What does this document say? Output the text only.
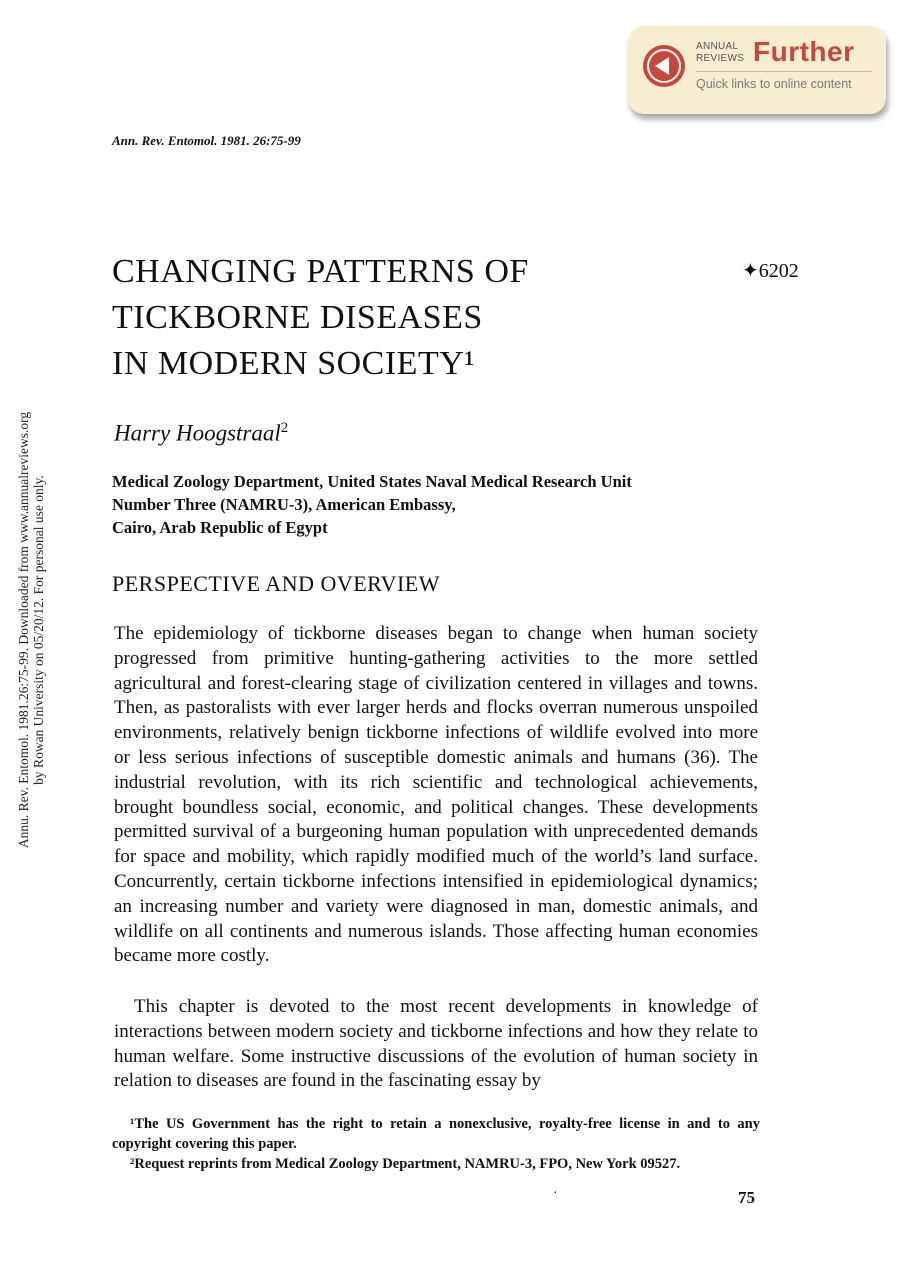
ANNUAL
REVIEWS Further
Quick links to online content
Ann. Rev. Entomol. 1981. 26:75-99
Annu. Rev. Entomol. 1981.26:75-99. Downloaded from www.annualreviews.org by Rowan University on 05/20/12. For personal use only.
CHANGING PATTERNS OF
TICKBORNE DISEASES
IN MODERN SOCIETY¹
✦6202
Harry Hoogstraal$^2$
Medical Zoology Department, United States Naval Medical Research Unit
Number Three (NAMRU-3), American Embassy,
Cairo, Arab Republic of Egypt
PERSPECTIVE AND OVERVIEW

The epidemiology of tickborne diseases began to change when human society progressed from primitive hunting-gathering activities to the more settled agricultural and forest-clearing stage of civilization centered in villages and towns. Then, as pastoralists with ever larger herds and flocks overran numerous unspoiled environments, relatively benign tickborne infections of wildlife evolved into more or less serious infections of susceptible domestic animals and humans (36). The industrial revolution, with its rich scientific and technological achievements, brought boundless social, economic, and political changes. These developments permitted survival of a burgeoning human population with unprecedented demands for space and mobility, which rapidly modified much of the world’s land surface. Concurrently, certain tickborne infections intensified in epidemiological dynamics; an increasing number and variety were diagnosed in man, domestic animals, and wildlife on all continents and numerous islands. Those affecting human economies became more costly.

This chapter is devoted to the most recent developments in knowledge of interactions between modern society and tickborne infections and how they relate to human welfare. Some instructive discussions of the evolution of human society in relation to diseases are found in the fascinating essay by

¹The US Government has the right to retain a nonexclusive, royalty-free license in and to any copyright covering this paper.

²Request reprints from Medical Zoology Department, NAMRU-3, FPO, New York 09527.

·	75
